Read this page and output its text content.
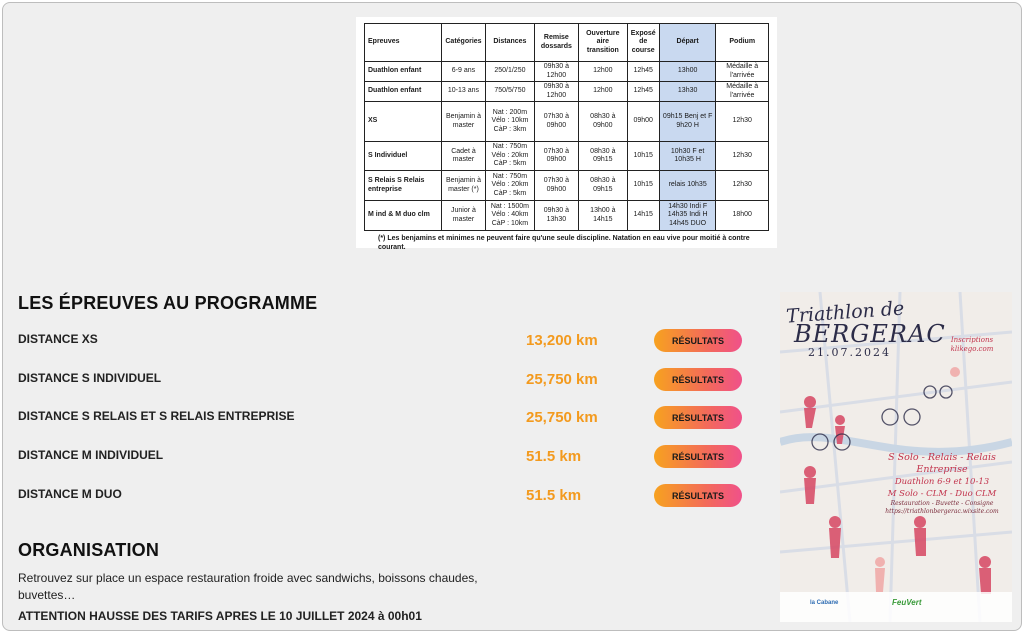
Epreuves	Catégories	Distances	Remise dossards	Ouverture aire transition	Exposé de course	Départ	Podium
Duathlon enfant	6-9 ans	250/1/250	09h30 à 12h00	12h00	12h45	13h00	Médaille à l'arrivée
Duathlon enfant	10-13 ans	750/5/750	09h30 à 12h00	12h00	12h45	13h30	Médaille à l'arrivée
XS	Benjamin à master	Nat : 200m Vélo : 10km CàP : 3km	07h30 à 09h00	08h30 à 09h00	09h00	09h15 Benj et F 9h20 H	12h30
S Individuel	Cadet à master	Nat : 750m Vélo : 20km CàP : 5km	07h30 à 09h00	08h30 à 09h15	10h15	10h30 F et 10h35 H	12h30
S Relais S Relais entreprise	Benjamin à master (*)	Nat : 750m Vélo : 20km CàP : 5km	07h30 à 09h00	08h30 à 09h15	10h15	relais 10h35	12h30
M ind & M duo clm	Junior à master	Nat : 1500m Vélo : 40km CàP : 10km	09h30 à 13h30	13h00 à 14h15	14h15	14h30 Indi F 14h35 Indi H 14h45 DUO	18h00
(*) Les benjamins et minimes ne peuvent faire qu'une seule discipline. Natation en eau vive pour moitié à contre courant.
LES ÉPREUVES AU PROGRAMME
DISTANCE XS	13,200 km	RÉSULTATS
DISTANCE S INDIVIDUEL	25,750 km	RÉSULTATS
DISTANCE S RELAIS ET S RELAIS ENTREPRISE	25,750 km	RÉSULTATS
DISTANCE M INDIVIDUEL	51.5 km	RÉSULTATS
DISTANCE M DUO	51.5 km	RÉSULTATS
ORGANISATION
Retrouvez sur place un espace restauration froide avec sandwichs, boissons chaudes, buvettes…
ATTENTION HAUSSE DES TARIFS APRES LE 10 JUILLET 2024 à 00h01
Triathlon de
BERGERAC
21.07.2024
Inscriptions klikego.com
S Solo - Relais - Relais Entreprise
Duathlon 6-9 et 10-13
M Solo - CLM - Duo CLM
Restauration - Buvette - Consigne
https://triathlonbergerac.wixsite.com
la Cabane	FeuVert
